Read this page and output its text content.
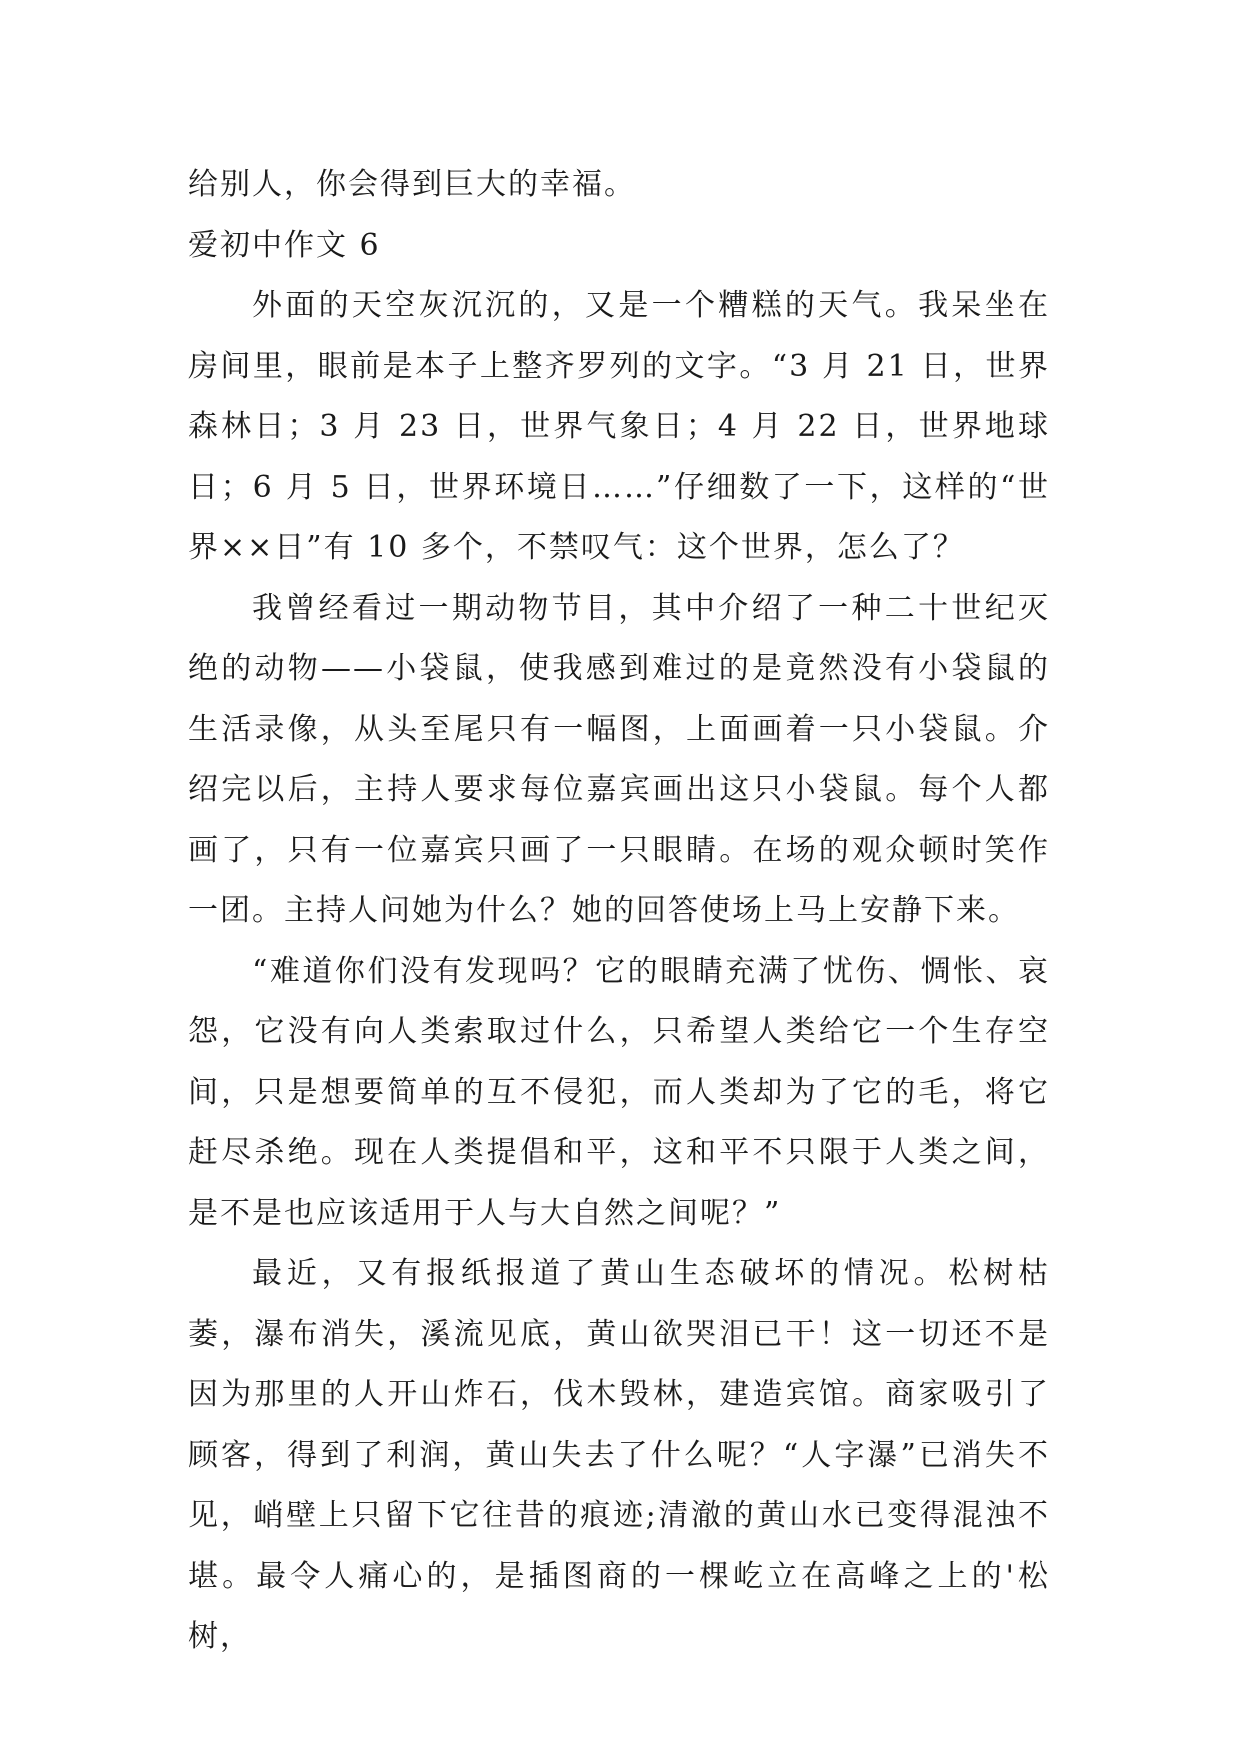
给别人，你会得到巨大的幸福。

爱初中作文 6

外面的天空灰沉沉的，又是一个糟糕的天气。我呆坐在房间里，眼前是本子上整齐罗列的文字。“3 月 21 日，世界森林日；3 月 23 日，世界气象日；4 月 22 日，世界地球日；6 月 5 日，世界环境日……”仔细数了一下，这样的“世界××日”有 10 多个，不禁叹气：这个世界，怎么了？

我曾经看过一期动物节目，其中介绍了一种二十世纪灭绝的动物——小袋鼠，使我感到难过的是竟然没有小袋鼠的生活录像，从头至尾只有一幅图，上面画着一只小袋鼠。介绍完以后，主持人要求每位嘉宾画出这只小袋鼠。每个人都画了，只有一位嘉宾只画了一只眼睛。在场的观众顿时笑作一团。主持人问她为什么？她的回答使场上马上安静下来。

“难道你们没有发现吗？它的眼睛充满了忧伤、惆怅、哀怨，它没有向人类索取过什么，只希望人类给它一个生存空间，只是想要简单的互不侵犯，而人类却为了它的毛，将它赶尽杀绝。现在人类提倡和平，这和平不只限于人类之间，是不是也应该适用于人与大自然之间呢？”

最近，又有报纸报道了黄山生态破坏的情况。松树枯萎，瀑布消失，溪流见底，黄山欲哭泪已干！这一切还不是因为那里的人开山炸石，伐木毁林，建造宾馆。商家吸引了顾客，得到了利润，黄山失去了什么呢？“人字瀑”已消失不见，峭壁上只留下它往昔的痕迹;清澈的黄山水已变得混浊不堪。最令人痛心的，是插图商的一棵屹立在高峰之上的'松树，
